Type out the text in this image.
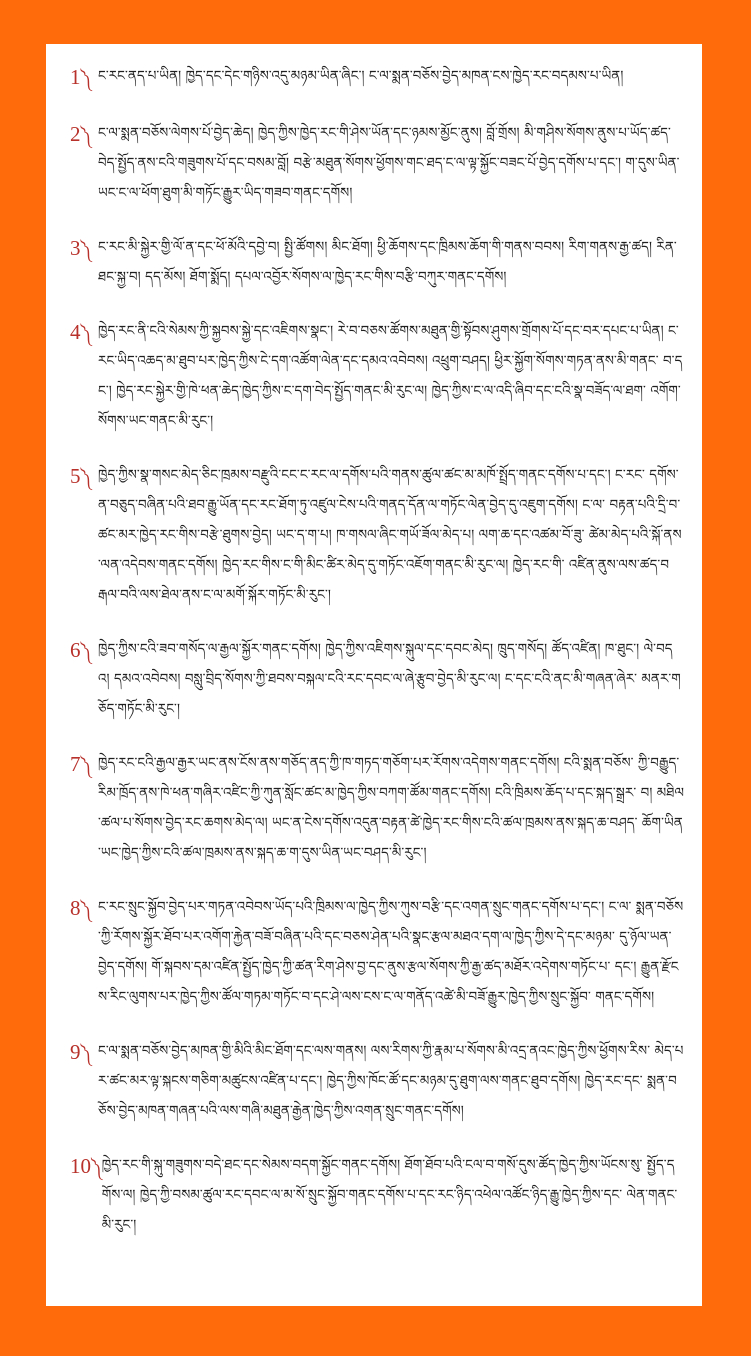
1༽ ང་རང་ནད་པ་ཡིན། ཁྱེད་དང་དེང་གཉིས་འདུ་མཉམ་ཡིན་ཞིང་། ང་ལ་སྨན་བཅོས་བྱེད་མཁན་ངས་ཁྱེད་རང་བདམས་པ་ཡིན།
2༽ ང་ལ་སྨན་བཅོས་ལེགས་པོ་བྱེད་ཆེད། ཁྱེད་ཀྱིས་ཁྱེད་རང་གི་ཤེས་ཡོན་དང་ཉམས་མྱོང་ནུས། བློ་གྲོས། མི་གཤིས་སོགས་ནུས་པ་ཡོད་ཚད་ བེད་སྤྱོད་ནས་ངའི་གཟུགས་པོ་དང་བསམ་བློ། བརྩེ་མཐུན་སོགས་ཕྱོགས་གང་ཐད་ང་ལ་ལྟ་སྐྱོང་བཟང་པོ་བྱེད་དགོས་པ་དང་། ག་དུས་ཡིན་ ཡང་ང་ལ་ཕོག་ཐུག་མི་གཏོང་རྒྱུར་ཡིད་གཟབ་གནང་དགོས།
3༽ ང་རང་མི་སྐྱེར་གྱི་ལོ་ན་དང་ཕོ་མོའི་དབྱེ་བ། སྤྱི་ཚོགས། མིང་ཐོག། ཕྱི་ཆོགས་དང་ཁྲིམས་ཆོག་གི་གནས་བབས། རིག་གནས་རྒྱ་ཚད། རིན་ཐང་སྐྱ་བ། དད་མོས། ཐོག་སྨོད། དཔལ་འབྱོར་སོགས་ལ་ཁྱེད་རང་གིས་བརྩི་བཀུར་གནང་དགོས།
4༽ ཁྱེད་རང་ནི་ངའི་སེམས་ཀྱི་སྐྱབས་སྐྱེ་དང་འཇིགས་སྣང་། རེ་བ་བཅས་ཚོགས་མཐུན་གྱི་སྟོབས་ཤུགས་གྲོགས་པོ་དང་བར་དཔང་པ་ཡིན། ང་རང་ཡིད་འཆད་མ་ཐུབ་པར་ཁྱེད་ཀྱིས་ངེ་དག་འཚོག་ལེན་དང་དམའ་འབེབས། འཕྲུག་བཤད། ཕྱིར་སྐྱོག་སོགས་གཏན་ནས་མི་གནང་ བ་དང་། ཁྱེད་རང་སྐྱེར་གྱི་ཁེ་ཕན་ཆེད་ཁྱེད་ཀྱིས་ང་དག་བེད་སྤྱོད་གནང་མི་རུང་ལ། ཁྱེད་ཀྱིས་ང་ལ་འདི་ཞིབ་དང་ངའི་སྣ་བཟོད་ལ་ཐག་ འགོག་སོགས་ཡང་གནང་མི་རུང་།
5༽ ཁྱེད་ཀྱིས་སྣ་གསང་མེད་ཅིང་ཁྲམས་བརྫུའི་ངང་ང་རང་ལ་དགོས་པའི་གནས་ཚུལ་ཚང་མ་མཁོ་སྤྲོད་གནང་དགོས་པ་དང་། ང་རང་ དགོས་ན་བཅུད་བཞིན་པའི་ཐབ་རྒྱུ་ཡོན་དང་རང་ཐོག་ཏུ་འཛུལ་ངེས་པའི་གནད་དོན་ལ་གཏོང་ལེན་བྱེད་དུ་འཇུག་དགོས། ང་ལ་ བརྟན་པའི་དྲི་བ་ཚང་མར་ཁྱེད་རང་གིས་བརྩེ་ཐུགས་བྱེད། ཡང་ད་ག་པ། ཁ་གསལ་ཞིང་གཡོ་ཟོལ་མེད་པ། ལག་ཆ་དང་འཚམ་བོ་ཟུ་ ཚེམ་མེད་པའི་སྐོ་ནས་ལན་འདེབས་གནང་དགོས། ཁྱེད་རང་གིས་ང་གི་མིང་ཚིར་མེད་དུ་གཏོང་འཇོག་གནང་མི་རུང་ལ། ཁྱེད་རང་གི་ འཛིན་ནུས་ལས་ཚད་བརྒལ་བའི་ལས་ཐེལ་ནས་ང་ལ་མགོ་སྐོར་གཏོང་མི་རུང་།
6༽ ཁྱེད་ཀྱིས་ངའི་ཟབ་གསོད་ལ་རྒྱལ་སྐྱོར་གནང་དགོས། ཁྱེད་ཀྱིས་འཇིགས་སྐུལ་དང་དབང་མེད། ཁྲུད་གསོད། ཚོད་འཛིན། ཁ་ཐུང་། ལེ་བདའ། དམའ་འབེབས། བསླུ་བྲིད་སོགས་ཀྱི་ཐབས་བསྐལ་ངའི་རང་དབང་ལ་ཞེ་རྩུབ་བྱེད་མི་རུང་ལ། ང་དང་ངའི་ནང་མི་གཞན་ཞེར་ མནར་གཅོད་གཏོང་མི་རུང་།
7༽ ཁྱེད་རང་ངའི་རྒྱལ་རྒྱར་ཡང་ནས་ངོས་ནས་གཅོད་ནད་ཀྱི་ཁ་གཏད་གཅོག་པར་རོགས་འདེགས་གནང་དགོས། ངའི་སྨན་བཅོས་ ཀྱི་བརྒྱུད་རིམ་ཁྲོད་ནས་ཁེ་ཕན་གཞིར་འཛིང་ཀྱི་ཀུན་སློང་ཚང་མ་ཁྱེད་ཀྱིས་བཀག་ཚོམ་གནང་དགོས། ངའི་ཁྲིམས་ཆོད་པ་དང་སྐད་སྒྲར་ བ། མཐིལ་ཚལ་པ་སོགས་བྱེད་རང་ཆགས་མེད་ལ། ཡང་ན་ངེས་དགོས་འདུན་བརྟན་ཚེ་ཁྱེད་རང་གིས་ངའི་ཚལ་ཁྲམས་ནས་སྐད་ཆ་བཤད་ ཆོག་ཡིན་ཡང་ཁྱེད་ཀྱིས་ངའི་ཚལ་ཁྲམས་ནས་སྐད་ཆ་ག་དུས་ཡིན་ཡང་བཤད་མི་རུང་།
8༽ ང་རང་སྲུང་སྐྱོབ་བྱེད་པར་གཏན་འབེབས་ཡོད་པའི་ཁྲིམས་ལ་ཁྱེད་ཀྱིས་ཀུས་བརྩི་དང་འགན་སྲུང་གནང་དགོས་པ་དང་། ང་ལ་ སྨན་བཅོས་ཀྱི་རོགས་སྐྱོར་ཐོབ་པར་འགོག་རྐྱེན་བཟོ་བཞིན་པའི་དང་བཅས་ཤེན་པའི་སྣང་རྩལ་མཐའ་དག་ལ་ཁྱེད་ཀྱིས་དེ་དང་མཉམ་ དུ་ཉོལ་ཡན་བྱེད་དགོས། གོ་སྐབས་དམ་འཛིན་སྤྱོད་ཁྱེད་ཀྱི་ཚན་རིག་ཤེས་བྱ་དང་ནུས་རྩལ་སོགས་ཀྱི་རྒྱ་ཚད་མཐོར་འདེགས་གཏོང་པ་ དང་། རྒྱུན་རྫོངས་རིང་ལུགས་པར་ཁྱེད་ཀྱིས་ཚོལ་གཏམ་གཏོང་བ་དང་ཤེ་ལས་ངས་ང་ལ་གནོད་འཚེ་མི་བཟོ་རྒྱུར་ཁྱེད་ཀྱིས་སྲུང་སྐྱོབ་ གནང་དགོས།
9༽ ང་ལ་སྨན་བཅོས་བྱེད་མཁན་གྱི་མིའི་མིང་ཐོག་དང་ལས་གནས། ལས་རིགས་ཀྱི་རྣམ་པ་སོགས་མི་འདྲ་ནའང་ཁྱེད་ཀྱིས་ཕྱོགས་རིས་ མེད་པར་ཚང་མར་ལྟ་སྐངས་གཅིག་མཚུངས་འཛིན་པ་དང་། ཁྱེད་ཀྱིས་ཁོང་ཚོ་དང་མཉམ་དུ་ཐུག་ལས་གནང་ཐུབ་དགོས། ཁྱེད་རང་དང་ སྨན་བཅོས་བྱེད་མཁན་གཞན་པའི་ལས་གཞི་མཐུན་རྒྱེན་ཁྱེད་ཀྱིས་འགན་སྲུང་གནང་དགོས།
10༽ ཁྱེད་རང་གི་སྐུ་གཟུགས་བདེ་ཐང་དང་སེམས་བདག་སྐྱོང་གནང་དགོས། ཐོག་ཐོབ་པའི་ངལ་བ་གསོ་དུས་ཚོད་ཁྱེད་ཀྱིས་ཡོངས་སུ་ སྤྱོད་དགོས་ལ། ཁྱེད་ཀྱི་བསམ་ཚུལ་རང་དབང་ལ་མ་སོ་སྲུང་སྐྱོབ་གནང་དགོས་པ་དང་རང་ཉིད་འཕེལ་འཚོང་ཉིད་རྒྱུ་ཁྱེད་ཀྱིས་དང་ ལེན་གནང་མི་རུང་།
